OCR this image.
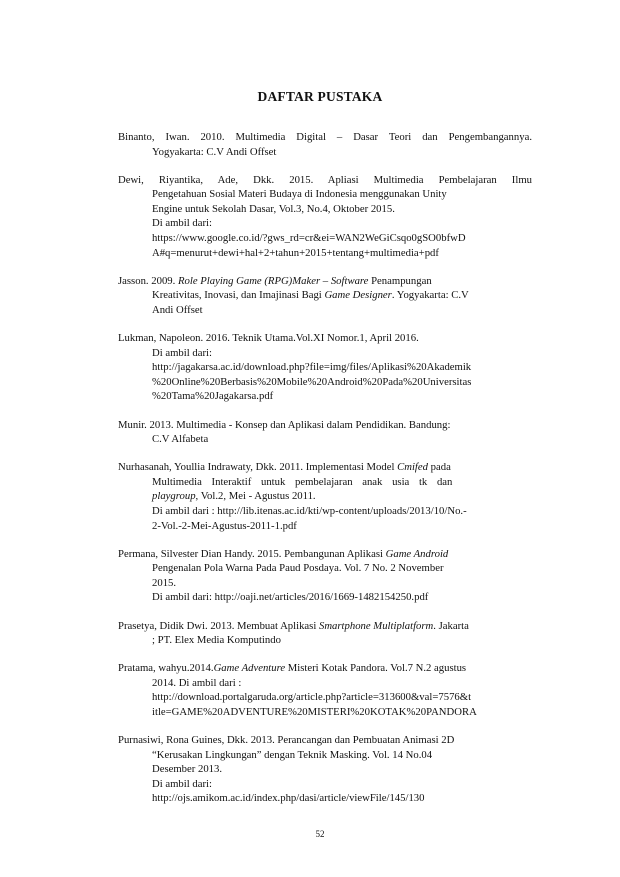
DAFTAR PUSTAKA
Binanto, Iwan. 2010. Multimedia Digital – Dasar Teori dan Pengembangannya.
Yogyakarta: C.V Andi Offset
Dewi, Riyantika, Ade, Dkk. 2015. Apliasi Multimedia Pembelajaran Ilmu
Pengetahuan Sosial Materi Budaya di Indonesia menggunakan Unity
Engine untuk Sekolah Dasar, Vol.3, No.4, Oktober 2015.
Di ambil dari:
https://www.google.co.id/?gws_rd=cr&ei=WAN2WeGiCsqo0gSO0bfwD
A#q=menurut+dewi+hal+2+tahun+2015+tentang+multimedia+pdf
Jasson. 2009. Role Playing Game (RPG)Maker – Software Penampungan
Kreativitas, Inovasi, dan Imajinasi Bagi Game Designer. Yogyakarta: C.V
Andi Offset
Lukman, Napoleon. 2016. Teknik Utama.Vol.XI Nomor.1, April 2016.
Di ambil dari:
http://jagakarsa.ac.id/download.php?file=img/files/Aplikasi%20Akademik
%20Online%20Berbasis%20Mobile%20Android%20Pada%20Universitas
%20Tama%20Jagakarsa.pdf
Munir. 2013. Multimedia - Konsep dan Aplikasi dalam Pendidikan. Bandung:
C.V Alfabeta
Nurhasanah, Youllia Indrawaty, Dkk. 2011. Implementasi Model Cmifed pada
Multimedia Interaktif untuk pembelajaran anak usia tk dan
playgroup, Vol.2, Mei - Agustus 2011.
Di ambil dari : http://lib.itenas.ac.id/kti/wp-content/uploads/2013/10/No.-
2-Vol.-2-Mei-Agustus-2011-1.pdf
Permana, Silvester Dian Handy. 2015. Pembangunan Aplikasi Game Android
Pengenalan Pola Warna Pada Paud Posdaya. Vol. 7 No. 2 November
2015.
Di ambil dari: http://oaji.net/articles/2016/1669-1482154250.pdf
Prasetya, Didik Dwi. 2013. Membuat Aplikasi Smartphone Multiplatform. Jakarta
; PT. Elex Media Komputindo
Pratama, wahyu.2014.Game Adventure Misteri Kotak Pandora. Vol.7 N.2 agustus
2014. Di ambil dari :
http://download.portalgaruda.org/article.php?article=313600&val=7576&t
itle=GAME%20ADVENTURE%20MISTERI%20KOTAK%20PANDORA
Purnasiwi, Rona Guines, Dkk. 2013. Perancangan dan Pembuatan Animasi 2D
“Kerusakan Lingkungan” dengan Teknik Masking. Vol. 14 No.04
Desember 2013.
Di ambil dari:
http://ojs.amikom.ac.id/index.php/dasi/article/viewFile/145/130
52
